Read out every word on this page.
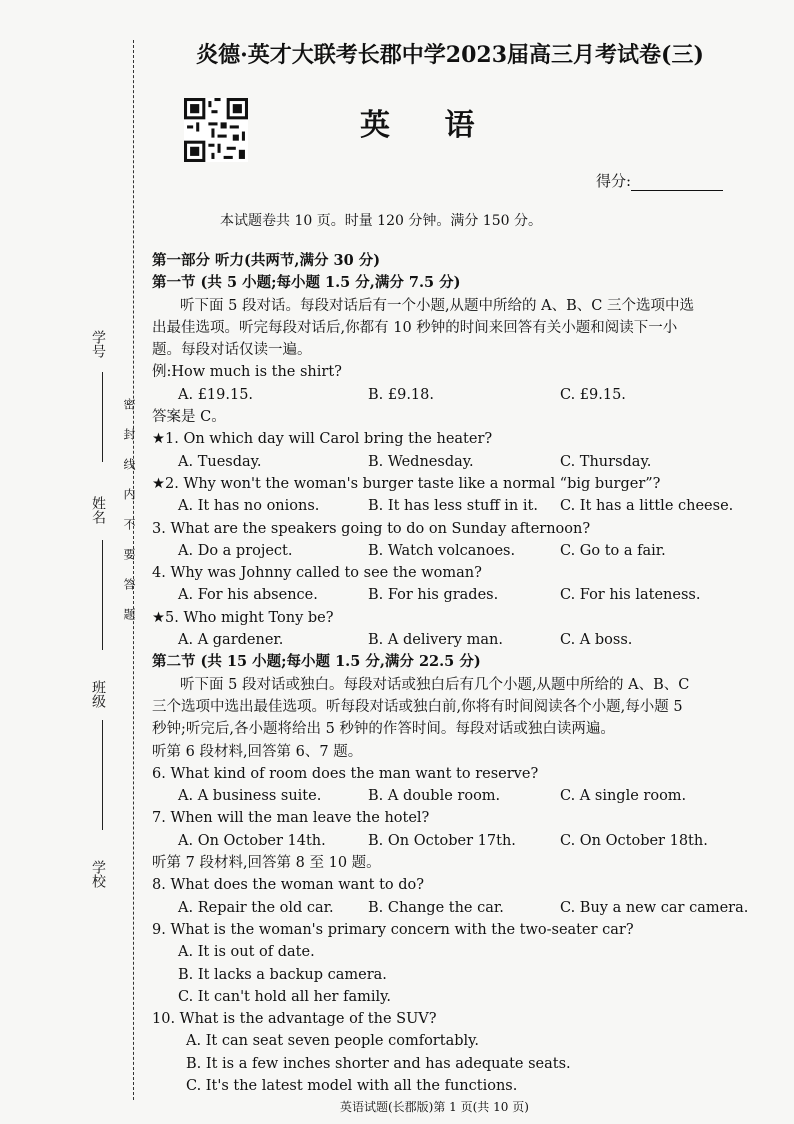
炎德·英才大联考长郡中学2023届高三月考试卷(三)
英 语
得分:
本试题卷共 10 页。时量 120 分钟。满分 150 分。
学号
姓名
班级
学校
密封线内不要答题
第一部分 听力(共两节,满分 30 分)
第一节 (共 5 小题;每小题 1.5 分,满分 7.5 分)
听下面 5 段对话。每段对话后有一个小题,从题中所给的 A、B、C 三个选项中选
出最佳选项。听完每段对话后,你都有 10 秒钟的时间来回答有关小题和阅读下一小
题。每段对话仅读一遍。
例:How much is the shirt?
A. £19.15.	B. £9.18.	C. £9.15.
答案是 C。
★1. On which day will Carol bring the heater?
A. Tuesday.	B. Wednesday.	C. Thursday.
★2. Why won't the woman's burger taste like a normal “big burger”?
A. It has no onions.	B. It has less stuff in it. C. It has a little cheese.
3. What are the speakers going to do on Sunday afternoon?
A. Do a project.	B. Watch volcanoes.	C. Go to a fair.
4. Why was Johnny called to see the woman?
A. For his absence.	B. For his grades.	C. For his lateness.
★5. Who might Tony be?
A. A gardener.	B. A delivery man.	C. A boss.
第二节 (共 15 小题;每小题 1.5 分,满分 22.5 分)
听下面 5 段对话或独白。每段对话或独白后有几个小题,从题中所给的 A、B、C
三个选项中选出最佳选项。听每段对话或独白前,你将有时间阅读各个小题,每小题 5
秒钟;听完后,各小题将给出 5 秒钟的作答时间。每段对话或独白读两遍。
听第 6 段材料,回答第 6、7 题。
6. What kind of room does the man want to reserve?
A. A business suite.	B. A double room.	C. A single room.
7. When will the man leave the hotel?
A. On October 14th.	B. On October 17th.	C. On October 18th.
听第 7 段材料,回答第 8 至 10 题。
8. What does the woman want to do?
A. Repair the old car. B. Change the car.	C. Buy a new car camera.
9. What is the woman's primary concern with the two-seater car?
A. It is out of date.
B. It lacks a backup camera.
C. It can't hold all her family.
10. What is the advantage of the SUV?
A. It can seat seven people comfortably.
B. It is a few inches shorter and has adequate seats.
C. It's the latest model with all the functions.
英语试题(长郡版)第 1 页(共 10 页)
